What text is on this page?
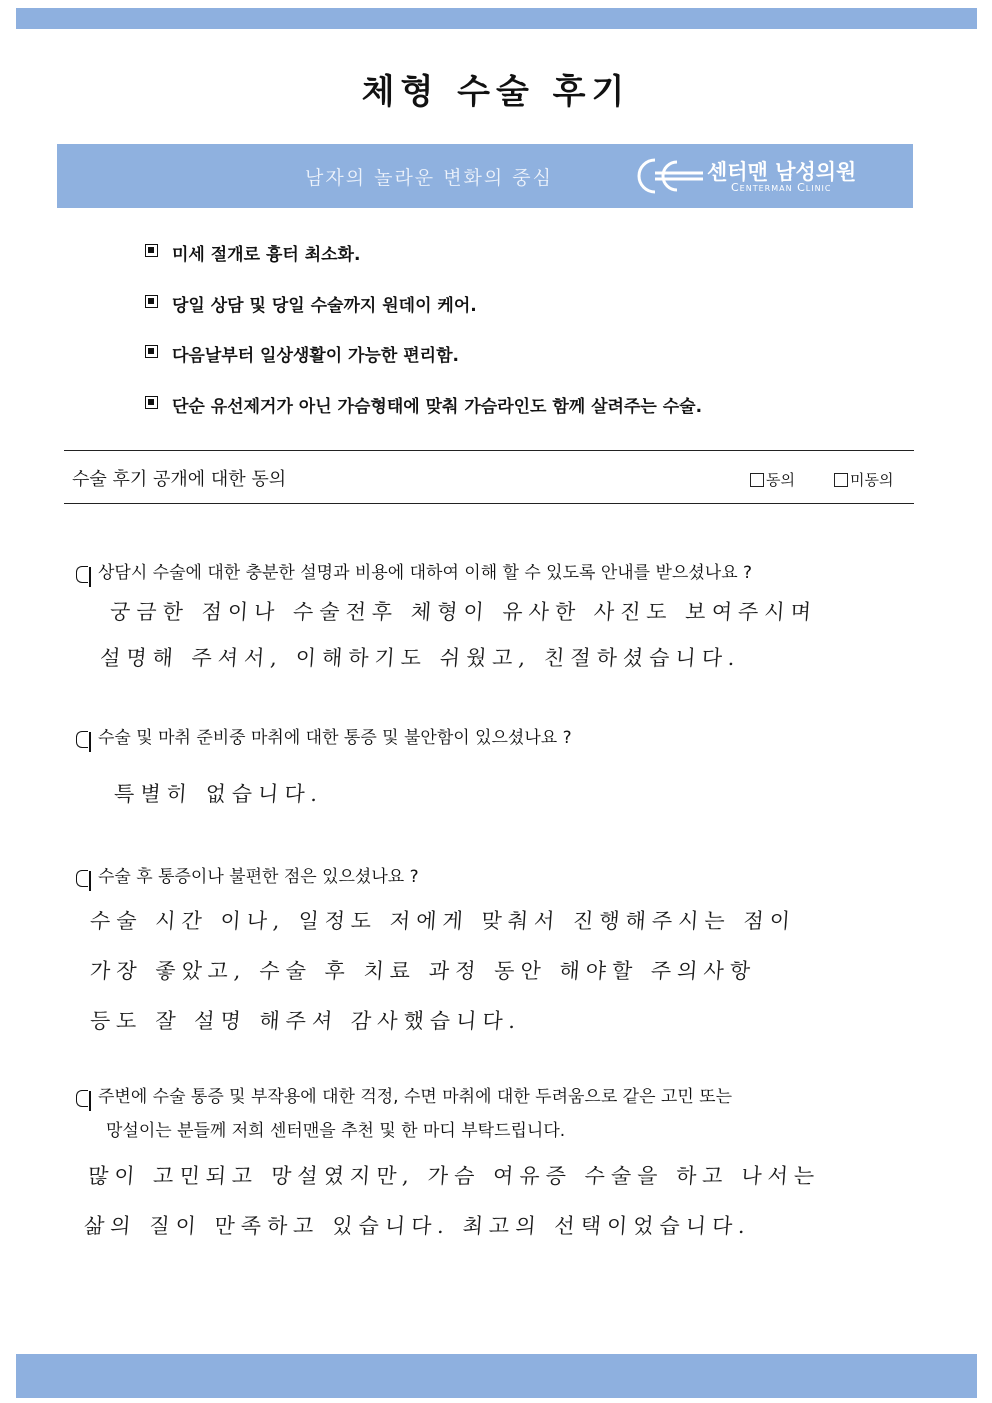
체형 수술 후기
남자의 놀라운 변화의 중심	센터맨 남성의원
Centerman Clinic
미세 절개로 흉터 최소화.
당일 상담 및 당일 수술까지 원데이 케어.
다음날부터 일상생활이 가능한 편리함.
단순 유선제거가 아닌 가슴형태에 맞춰 가슴라인도 함께 살려주는 수술.
수술 후기 공개에 대한 동의	동의	미동의
상담시 수술에 대한 충분한 설명과 비용에 대하여 이해 할 수 있도록 안내를 받으셨나요 ?
궁금한 점이나 수술전후 체형이 유사한 사진도 보여주시며
설명해 주셔서, 이해하기도 쉬웠고, 친절하셨습니다.
수술 및 마취 준비중 마취에 대한 통증 및 불안함이 있으셨나요 ?
특별히 없습니다.
수술 후 통증이나 불편한 점은 있으셨나요 ?
수술 시간 이나, 일정도 저에게 맞춰서 진행해주시는 점이
가장 좋았고, 수술 후 치료 과정 동안 해야할 주의사항
등도 잘 설명 해주셔 감사했습니다.
주변에 수술 통증 및 부작용에 대한 걱정, 수면 마취에 대한 두려움으로 같은 고민 또는
망설이는 분들께 저희 센터맨을 추천 및 한 마디 부탁드립니다.
많이 고민되고 망설였지만, 가슴 여유증 수술을 하고 나서는
삶의 질이 만족하고 있습니다. 최고의 선택이었습니다.
